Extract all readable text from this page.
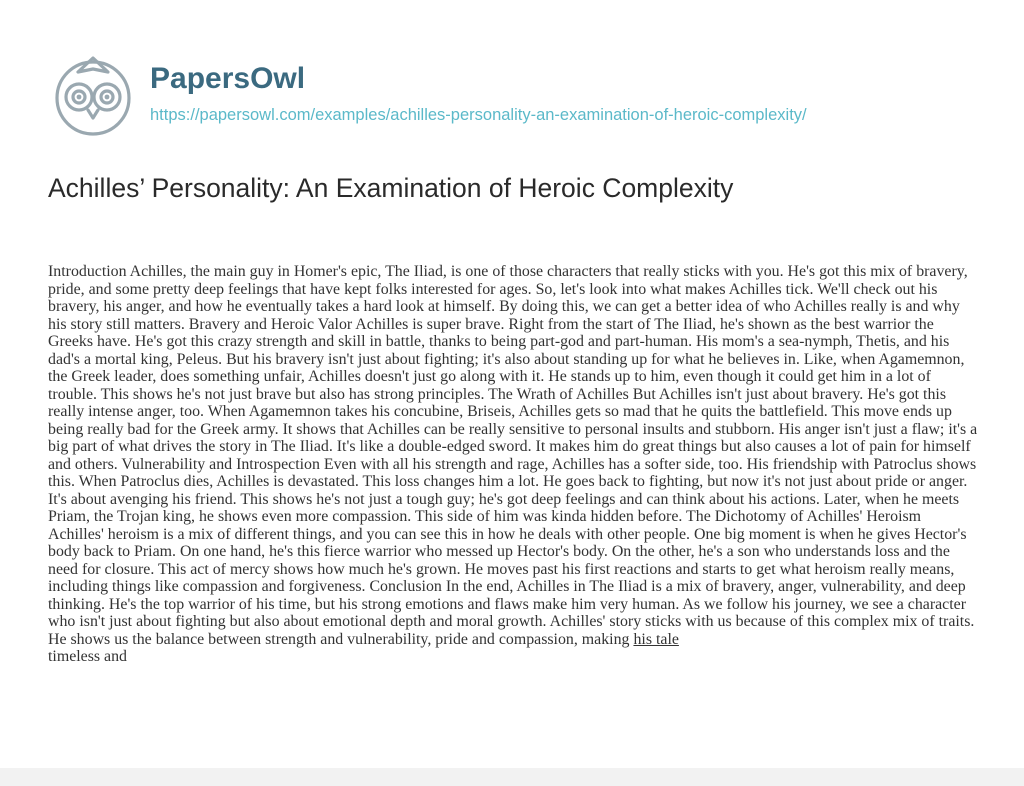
PapersOwl
https://papersowl.com/examples/achilles-personality-an-examination-of-heroic-complexity/
Achilles’ Personality: An Examination of Heroic Complexity

Introduction Achilles, the main guy in Homer's epic, The Iliad, is one of those characters that really sticks with you. He's got this mix of bravery, pride, and some pretty deep feelings that have kept folks interested for ages. So, let's look into what makes Achilles tick. We'll check out his bravery, his anger, and how he eventually takes a hard look at himself. By doing this, we can get a better idea of who Achilles really is and why his story still matters. Bravery and Heroic Valor Achilles is super brave. Right from the start of The Iliad, he's shown as the best warrior the Greeks have. He's got this crazy strength and skill in battle, thanks to being part-god and part-human. His mom's a sea-nymph, Thetis, and his dad's a mortal king, Peleus. But his bravery isn't just about fighting; it's also about standing up for what he believes in. Like, when Agamemnon, the Greek leader, does something unfair, Achilles doesn't just go along with it. He stands up to him, even though it could get him in a lot of trouble. This shows he's not just brave but also has strong principles. The Wrath of Achilles But Achilles isn't just about bravery. He's got this really intense anger, too. When Agamemnon takes his concubine, Briseis, Achilles gets so mad that he quits the battlefield. This move ends up being really bad for the Greek army. It shows that Achilles can be really sensitive to personal insults and stubborn. His anger isn't just a flaw; it's a big part of what drives the story in The Iliad. It's like a double-edged sword. It makes him do great things but also causes a lot of pain for himself and others. Vulnerability and Introspection Even with all his strength and rage, Achilles has a softer side, too. His friendship with Patroclus shows this. When Patroclus dies, Achilles is devastated. This loss changes him a lot. He goes back to fighting, but now it's not just about pride or anger. It's about avenging his friend. This shows he's not just a tough guy; he's got deep feelings and can think about his actions. Later, when he meets Priam, the Trojan king, he shows even more compassion. This side of him was kinda hidden before. The Dichotomy of Achilles' Heroism Achilles' heroism is a mix of different things, and you can see this in how he deals with other people. One big moment is when he gives Hector's body back to Priam. On one hand, he's this fierce warrior who messed up Hector's body. On the other, he's a son who understands loss and the need for closure. This act of mercy shows how much he's grown. He moves past his first reactions and starts to get what heroism really means, including things like compassion and forgiveness. Conclusion In the end, Achilles in The Iliad is a mix of bravery, anger, vulnerability, and deep thinking. He's the top warrior of his time, but his strong emotions and flaws make him very human. As we follow his journey, we see a character who isn't just about fighting but also about emotional depth and moral growth. Achilles' story sticks with us because of this complex mix of traits. He shows us the balance between strength and vulnerability, pride and compassion, making his tale
timeless and
